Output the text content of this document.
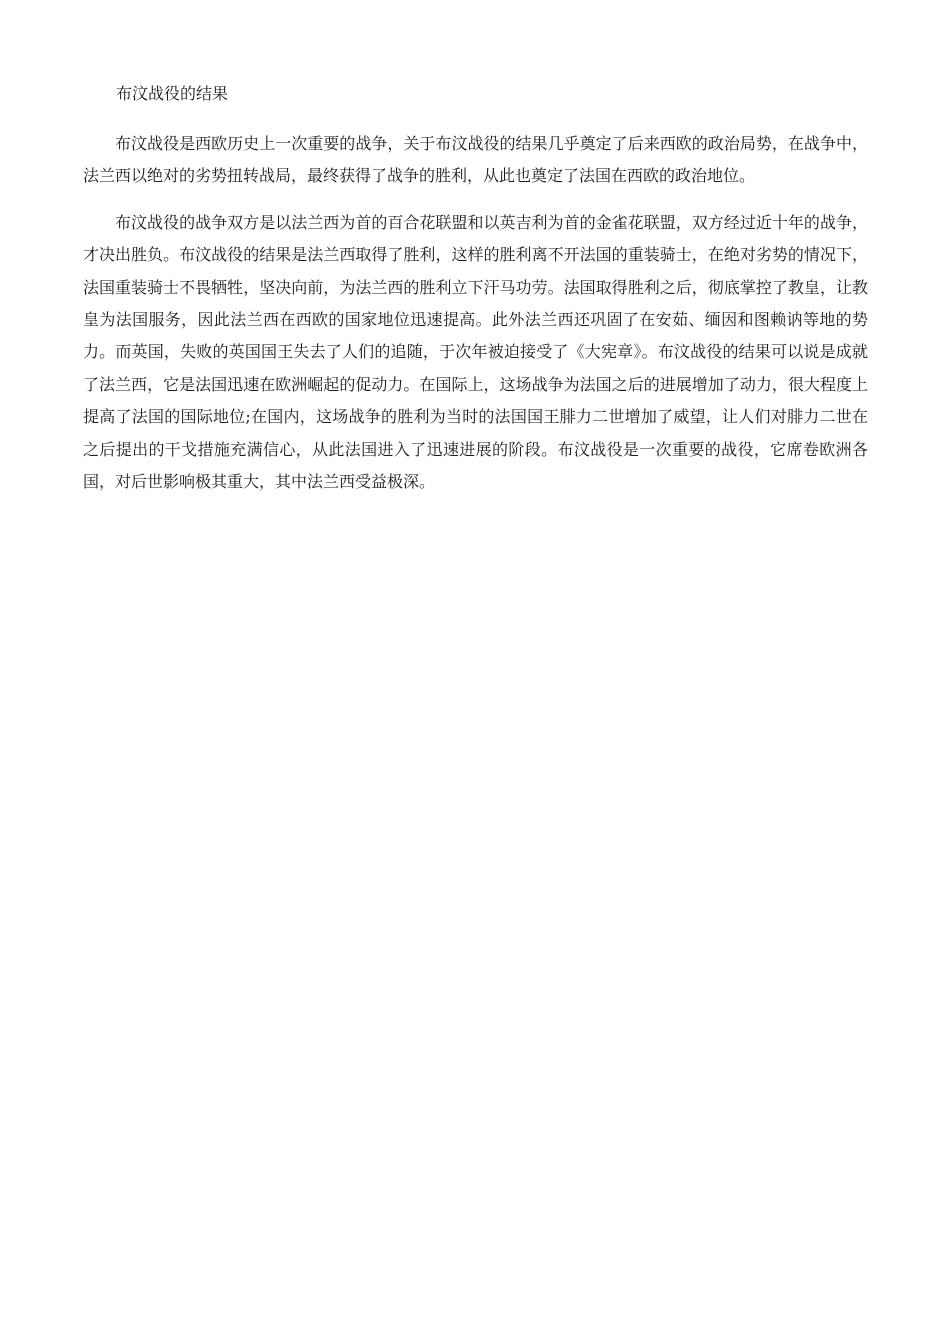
布汶战役的结果

布汶战役是西欧历史上一次重要的战争，关于布汶战役的结果几乎奠定了后来西欧的政治局势，在战争中，法兰西以绝对的劣势扭转战局，最终获得了战争的胜利，从此也奠定了法国在西欧的政治地位。

布汶战役的战争双方是以法兰西为首的百合花联盟和以英吉利为首的金雀花联盟，双方经过近十年的战争，才决出胜负。布汶战役的结果是法兰西取得了胜利，这样的胜利离不开法国的重装骑士，在绝对劣势的情况下，法国重装骑士不畏牺牲，坚决向前，为法兰西的胜利立下汗马功劳。法国取得胜利之后，彻底掌控了教皇，让教皇为法国服务，因此法兰西在西欧的国家地位迅速提高。此外法兰西还巩固了在安茹、缅因和图赖讷等地的势力。而英国，失败的英国国王失去了人们的追随，于次年被迫接受了《大宪章》。布汶战役的结果可以说是成就了法兰西，它是法国迅速在欧洲崛起的促动力。在国际上，这场战争为法国之后的进展增加了动力，很大程度上提高了法国的国际地位;在国内，这场战争的胜利为当时的法国国王腓力二世增加了威望，让人们对腓力二世在之后提出的干戈措施充满信心，从此法国进入了迅速进展的阶段。布汶战役是一次重要的战役，它席卷欧洲各国，对后世影响极其重大，其中法兰西受益极深。
